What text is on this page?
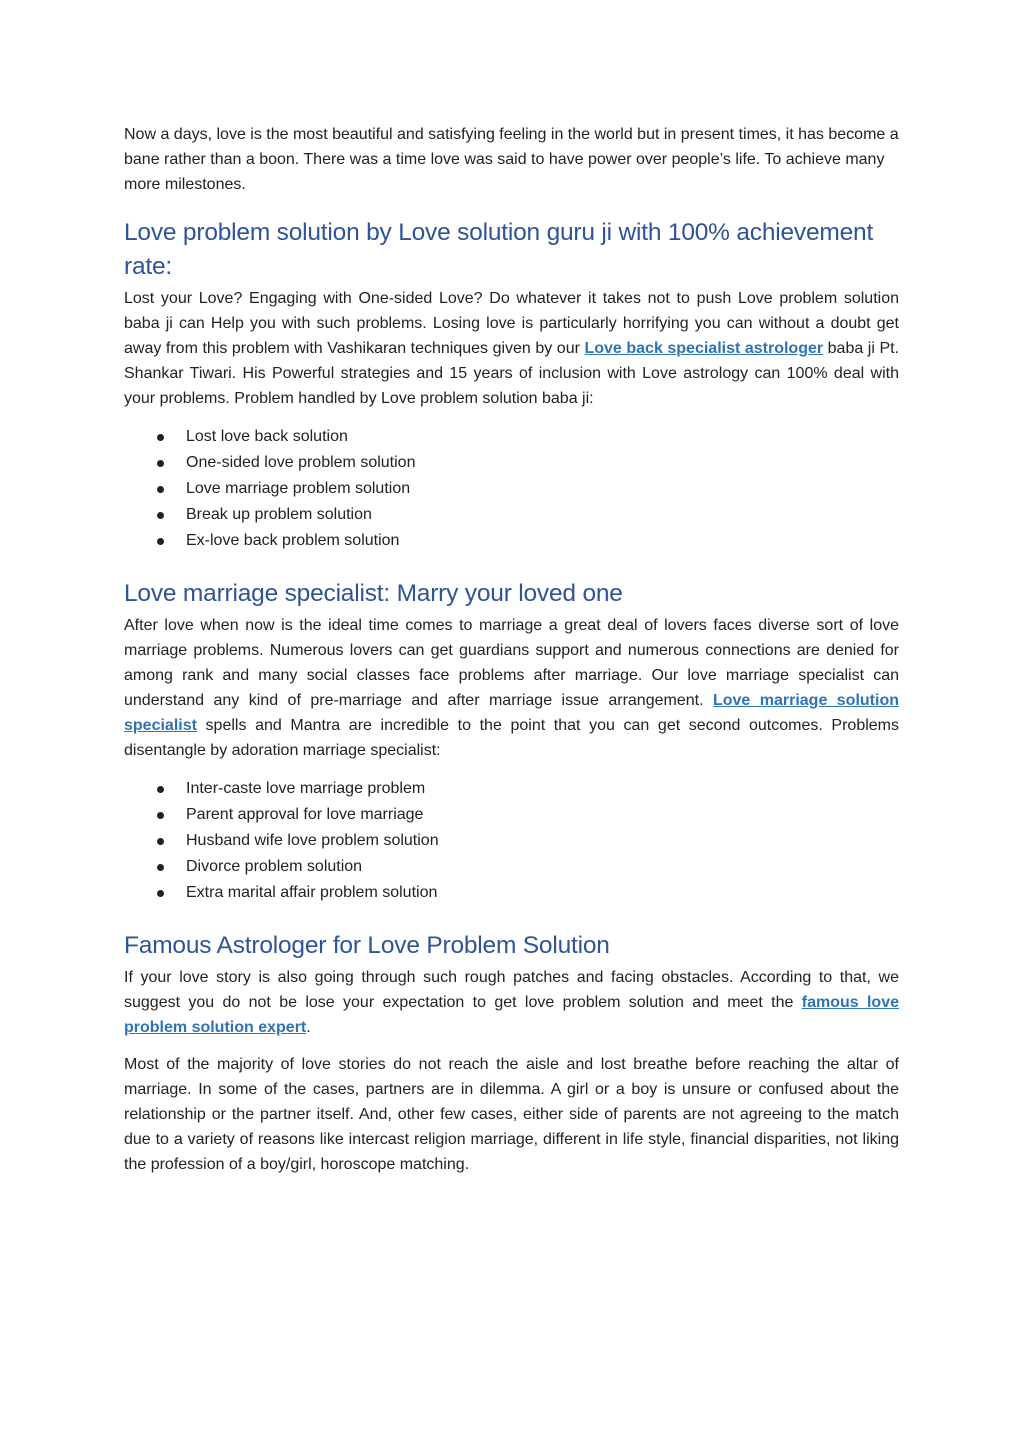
Now a days, love is the most beautiful and satisfying feeling in the world but in present times, it has become a bane rather than a boon. There was a time love was said to have power over people’s life. To achieve many more milestones.

Love problem solution by Love solution guru ji with 100% achievement rate:

Lost your Love? Engaging with One-sided Love? Do whatever it takes not to push Love problem solution baba ji can Help you with such problems. Losing love is particularly horrifying you can without a doubt get away from this problem with Vashikaran techniques given by our Love back specialist astrologer baba ji Pt. Shankar Tiwari. His Powerful strategies and 15 years of inclusion with Love astrology can 100% deal with your problems. Problem handled by Love problem solution baba ji:

Lost love back solution
One-sided love problem solution
Love marriage problem solution
Break up problem solution
Ex-love back problem solution
Love marriage specialist: Marry your loved one

After love when now is the ideal time comes to marriage a great deal of lovers faces diverse sort of love marriage problems. Numerous lovers can get guardians support and numerous connections are denied for among rank and many social classes face problems after marriage. Our love marriage specialist can understand any kind of pre-marriage and after marriage issue arrangement. Love marriage solution specialist spells and Mantra are incredible to the point that you can get second outcomes. Problems disentangle by adoration marriage specialist:

Inter-caste love marriage problem
Parent approval for love marriage
Husband wife love problem solution
Divorce problem solution
Extra marital affair problem solution
Famous Astrologer for Love Problem Solution

If your love story is also going through such rough patches and facing obstacles. According to that, we suggest you do not be lose your expectation to get love problem solution and meet the famous love problem solution expert.

Most of the majority of love stories do not reach the aisle and lost breathe before reaching the altar of marriage. In some of the cases, partners are in dilemma. A girl or a boy is unsure or confused about the relationship or the partner itself. And, other few cases, either side of parents are not agreeing to the match due to a variety of reasons like intercast religion marriage, different in life style, financial disparities, not liking the profession of a boy/girl, horoscope matching.
